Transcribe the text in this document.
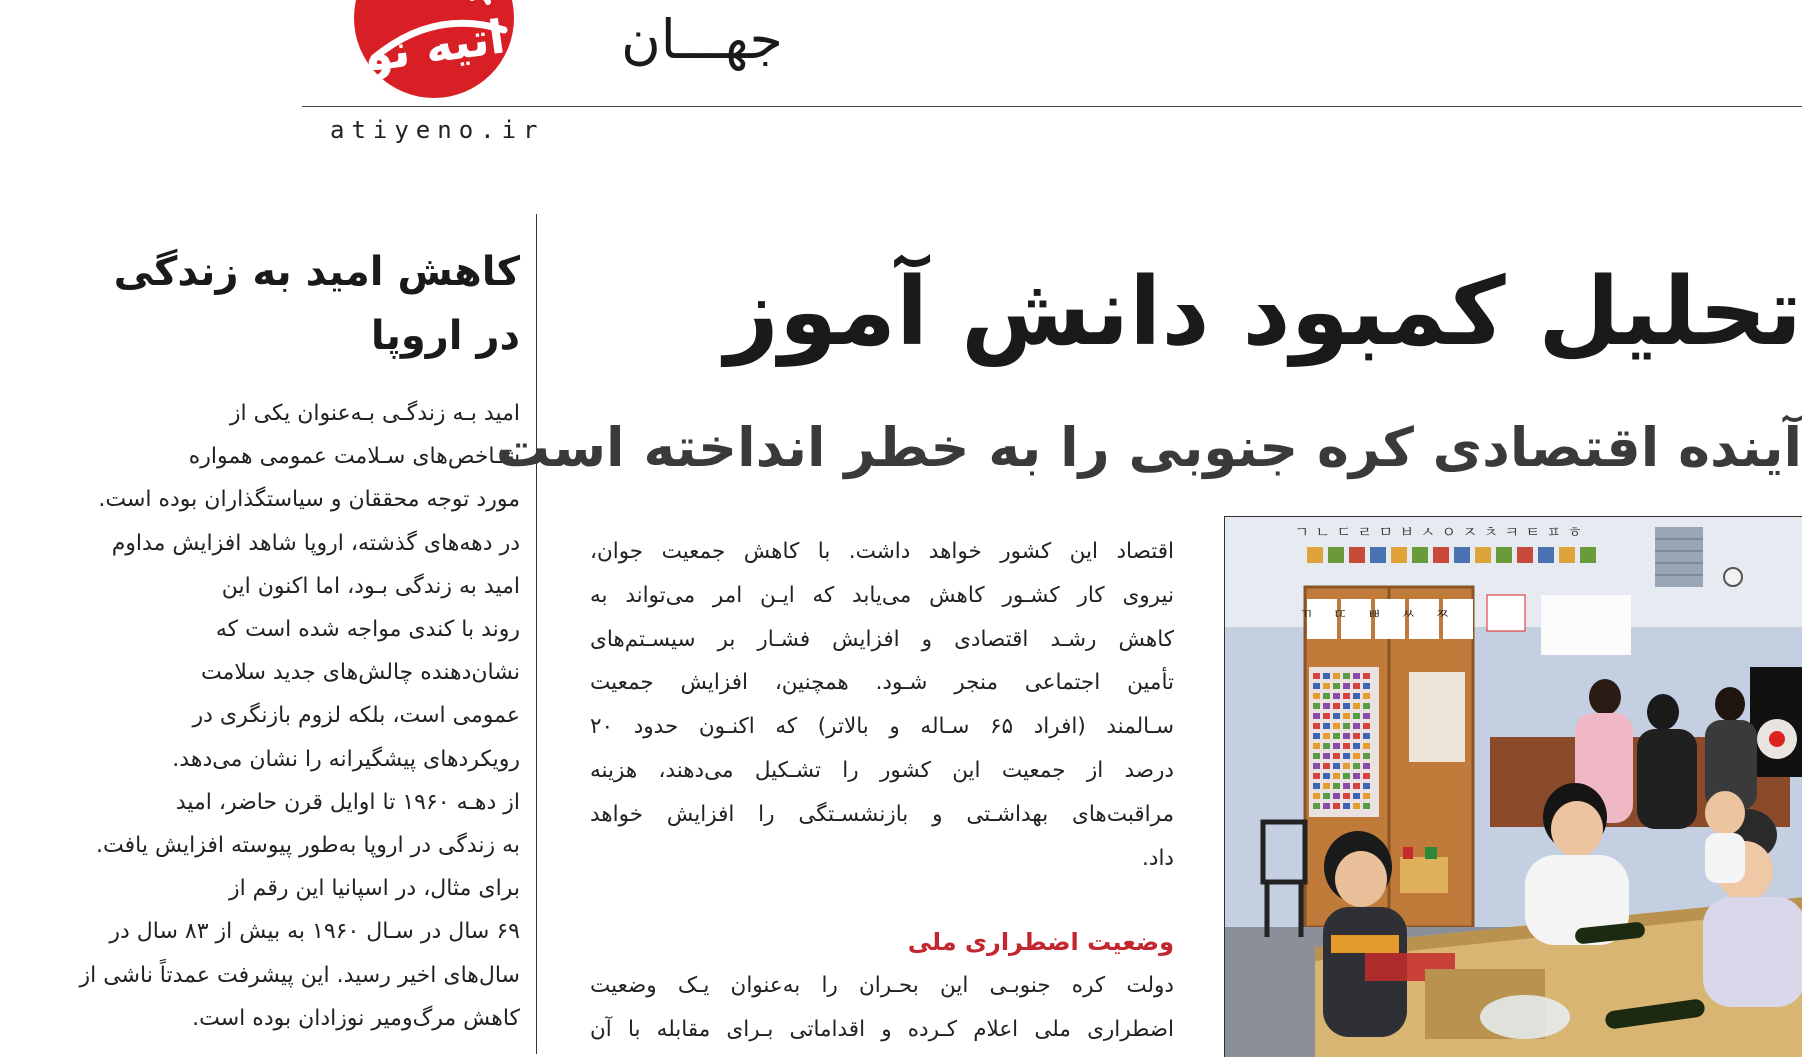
اتیه نو	جهـــان
atiyeno.ir
کاهش امید به زندگی
در اروپا
امید بـه زندگـی بـه‌عنوان یکی از
شـاخص‌های سـلامت عمومی همواره
مورد توجه محققان و سیاستگذاران بوده است.
در دهه‌های گذشته، اروپا شاهد افزایش مداوم
امید به زندگی بـود، اما اکنون این
روند با کندی مواجه شده است که
نشان‌دهنده چالش‌های جدید سلامت
عمومی است، بلکه لزوم بازنگری در
رویکردهای پیشگیرانه را نشان می‌دهد.
از دهـه ۱۹۶۰ تا اوایل قرن حاضر، امید
به زندگی در اروپا به‌طور پیوسته افزایش یافت.
برای مثال، در اسپانیا این رقم از
۶۹ سال در سـال ۱۹۶۰ به بیش از ۸۳ سال در
سال‌های اخیر رسید. این پیشرفت عمدتاً ناشی از
کاهش مرگ‌ومیر نوزادان بوده است.
تحلیل کمبود دانش آموز
آینده اقتصادی کره جنوبی را به خطر انداخته است
اقتصاد این کشور خواهد داشت. با کاهش جمعیت جوان،
نیروی کار کشـور کاهش می‌یابد که ایـن امر می‌تواند به
کاهش رشـد اقتصادی و افزایش فشـار بر سیسـتم‌های
تأمین اجتماعی منجر شـود. همچنین، افزایش جمعیت
سـالمند (افراد ۶۵ سـاله و بالاتر) که اکنـون حدود ۲۰
درصد از جمعیت این کشور را تشـکیل می‌دهند، هزینه
مراقبت‌های بهداشـتی و بازنشسـتگی را افزایش خواهد
داد.
وضعیت اضطراری ملی
دولت کره جنوبـی این بحـران را به‌عنوان یـک وضعیت
اضطراری ملی اعلام کـرده و اقداماتی بـرای مقابله با آن
ㄱ ㄴ ㄷ ㄹ ㅁ ㅂ ㅅ ㅇ ㅈ ㅊ ㅋ ㅌ ㅍ ㅎ
ㄲ ㄸ ㅃ ㅆ ㅉ
